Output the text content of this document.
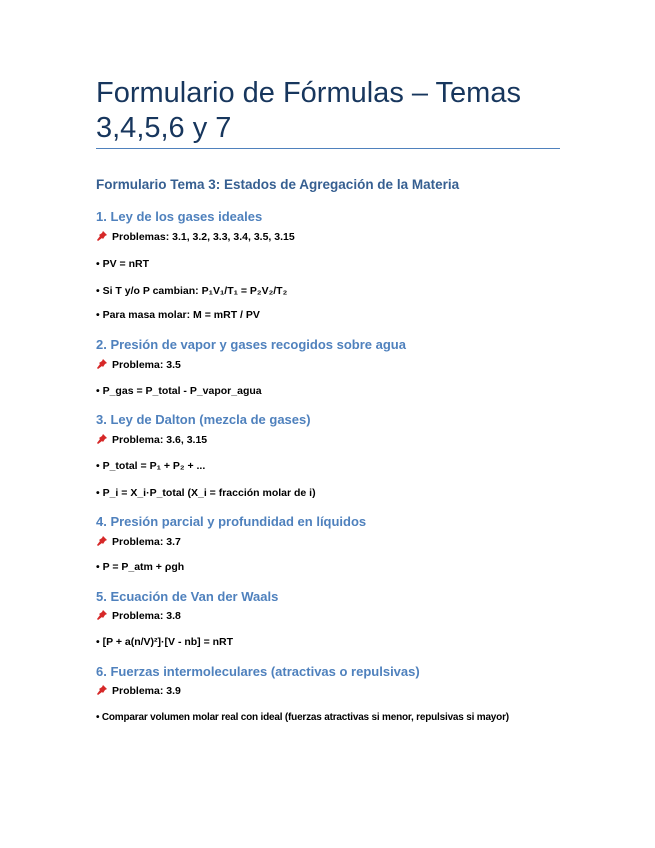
Formulario de Fórmulas – Temas 3,4,5,6 y 7
Formulario Tema 3: Estados de Agregación de la Materia
1. Ley de los gases ideales
Problemas: 3.1, 3.2, 3.3, 3.4, 3.5, 3.15
• PV = nRT
• Si T y/o P cambian: P₁V₁/T₁ = P₂V₂/T₂
• Para masa molar: M = mRT / PV
2. Presión de vapor y gases recogidos sobre agua
Problema: 3.5
• P_gas = P_total - P_vapor_agua
3. Ley de Dalton (mezcla de gases)
Problema: 3.6, 3.15
• P_total = P₁ + P₂ + ...
• P_i = X_i·P_total (X_i = fracción molar de i)
4. Presión parcial y profundidad en líquidos
Problema: 3.7
• P = P_atm + ρgh
5. Ecuación de Van der Waals
Problema: 3.8
• [P + a(n/V)²]·[V - nb] = nRT
6. Fuerzas intermoleculares (atractivas o repulsivas)
Problema: 3.9
• Comparar volumen molar real con ideal (fuerzas atractivas si menor, repulsivas si mayor)
